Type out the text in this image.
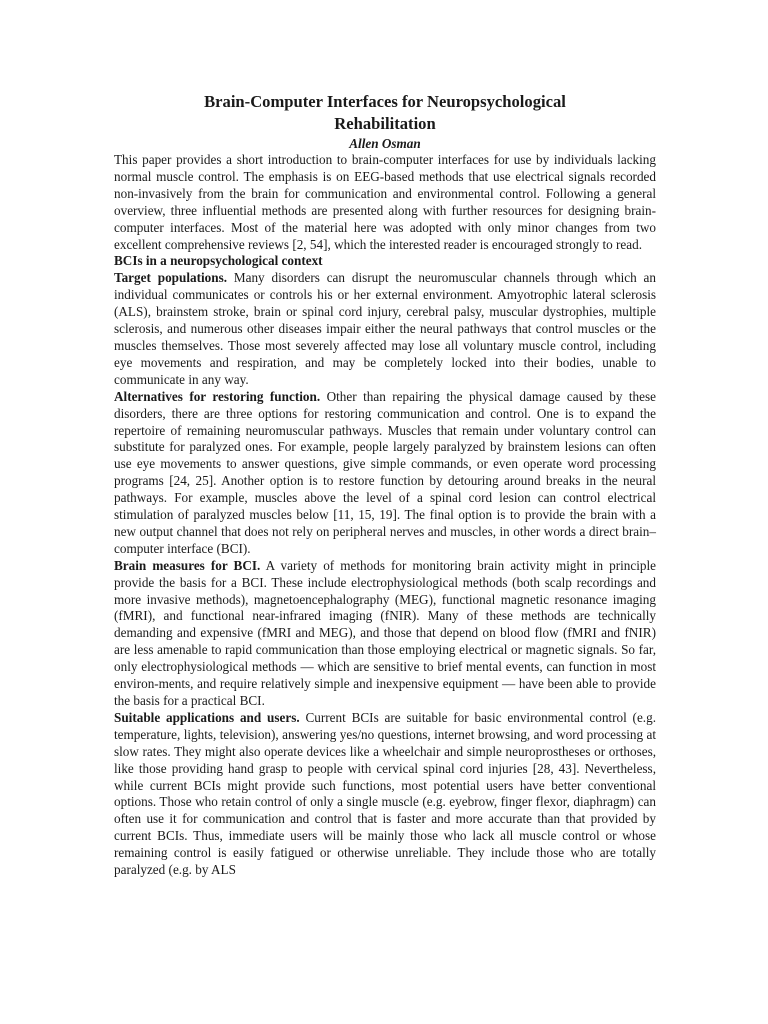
Brain-Computer Interfaces for Neuropsychological Rehabilitation

Allen Osman

This paper provides a short introduction to brain-computer interfaces for use by individuals lacking normal muscle control. The emphasis is on EEG-based methods that use electrical signals recorded non-invasively from the brain for communication and environmental control. Following a general overview, three influential methods are presented along with further resources for designing brain-computer interfaces. Most of the material here was adopted with only minor changes from two excellent comprehensive reviews [2, 54], which the interested reader is encouraged strongly to read.

BCIs in a neuropsychological context

Target populations. Many disorders can disrupt the neuromuscular channels through which an individual communicates or controls his or her external environment. Amyotrophic lateral sclerosis (ALS), brainstem stroke, brain or spinal cord injury, cerebral palsy, muscular dystrophies, multiple sclerosis, and numerous other diseases impair either the neural pathways that control muscles or the muscles themselves. Those most severely affected may lose all voluntary muscle control, including eye movements and respiration, and may be completely locked into their bodies, unable to communicate in any way.

Alternatives for restoring function. Other than repairing the physical damage caused by these disorders, there are three options for restoring communication and control. One is to expand the repertoire of remaining neuromuscular pathways. Muscles that remain under voluntary control can substitute for paralyzed ones. For example, people largely paralyzed by brainstem lesions can often use eye movements to answer questions, give simple commands, or even operate word processing programs [24, 25]. Another option is to restore function by detouring around breaks in the neural pathways. For example, muscles above the level of a spinal cord lesion can control electrical stimulation of paralyzed muscles below [11, 15, 19]. The final option is to provide the brain with a new output channel that does not rely on peripheral nerves and muscles, in other words a direct brain–computer interface (BCI).

Brain measures for BCI. A variety of methods for monitoring brain activity might in principle provide the basis for a BCI. These include electrophysiological methods (both scalp recordings and more invasive methods), magnetoencephalography (MEG), functional magnetic resonance imaging (fMRI), and functional near-infrared imaging (fNIR). Many of these methods are technically demanding and expensive (fMRI and MEG), and those that depend on blood flow (fMRI and fNIR) are less amenable to rapid communication than those employing electrical or magnetic signals. So far, only electrophysiological methods — which are sensitive to brief mental events, can function in most environ-ments, and require relatively simple and inexpensive equipment — have been able to provide the basis for a practical BCI.

Suitable applications and users. Current BCIs are suitable for basic environmental control (e.g. temperature, lights, television), answering yes/no questions, internet browsing, and word processing at slow rates. They might also operate devices like a wheelchair and simple neuroprostheses or orthoses, like those providing hand grasp to people with cervical spinal cord injuries [28, 43]. Nevertheless, while current BCIs might provide such functions, most potential users have better conventional options. Those who retain control of only a single muscle (e.g. eyebrow, finger flexor, diaphragm) can often use it for communication and control that is faster and more accurate than that provided by current BCIs. Thus, immediate users will be mainly those who lack all muscle control or whose remaining control is easily fatigued or otherwise unreliable. They include those who are totally paralyzed (e.g. by ALS
